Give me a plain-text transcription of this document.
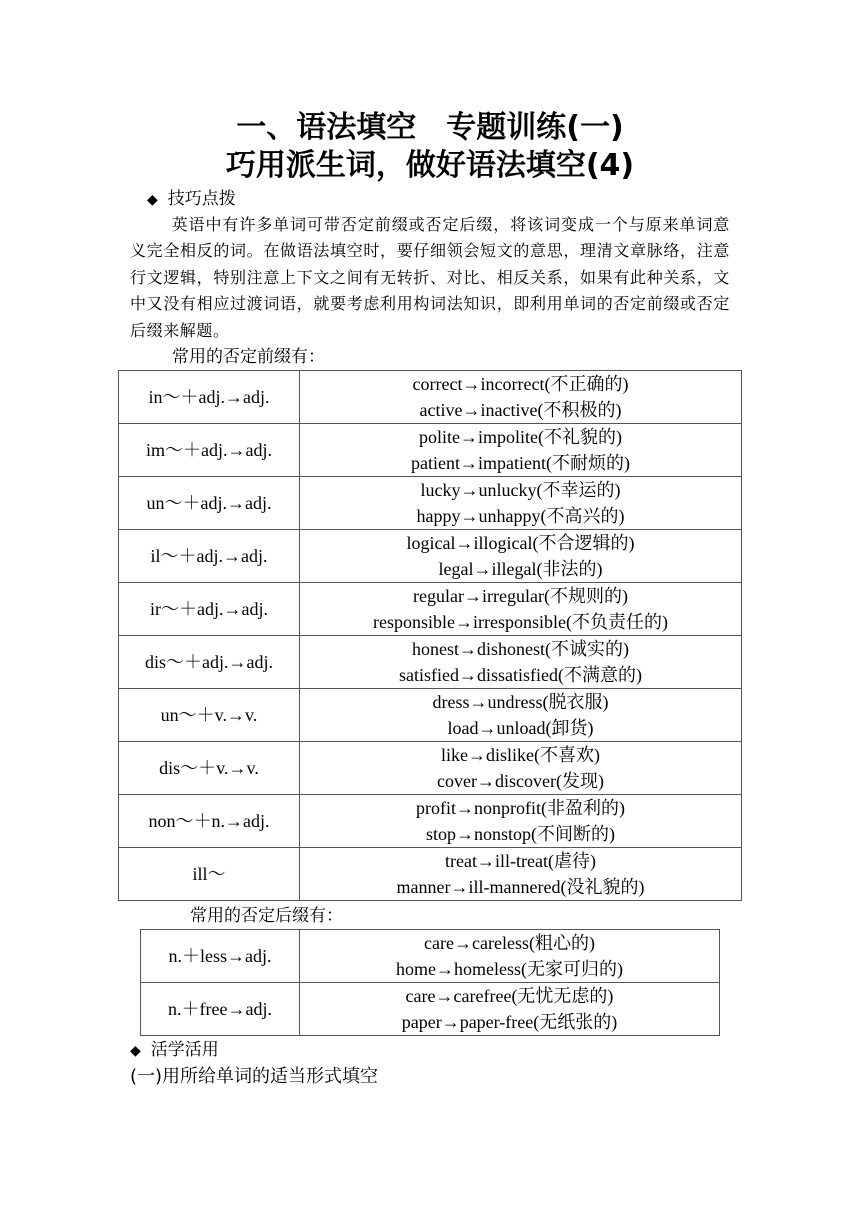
一、语法填空　专题训练(一)
巧用派生词，做好语法填空(4)
◆ 技巧点拨
英语中有许多单词可带否定前缀或否定后缀，将该词变成一个与原来单词意义完全相反的词。在做语法填空时，要仔细领会短文的意思，理清文章脉络，注意行文逻辑，特别注意上下文之间有无转折、对比、相反关系，如果有此种关系，文中又没有相应过渡词语，就要考虑利用构词法知识，即利用单词的否定前缀或否定后缀来解题。
常用的否定前缀有：
in～＋adj.→adj.	correct→incorrect(不正确的)
active→inactive(不积极的)

im～＋adj.→adj.	polite→impolite(不礼貌的)
patient→impatient(不耐烦的)

un～＋adj.→adj.	lucky→unlucky(不幸运的)
happy→unhappy(不高兴的)

il～＋adj.→adj.	logical→illogical(不合逻辑的)
legal→illegal(非法的)

ir～＋adj.→adj.	regular→irregular(不规则的)
responsible→irresponsible(不负责任的)

dis～＋adj.→adj.	honest→dishonest(不诚实的)
satisfied→dissatisfied(不满意的)

un～＋v.→v.	dress→undress(脱衣服)
load→unload(卸货)

dis～＋v.→v.	like→dislike(不喜欢)
cover→discover(发现)

non～＋n.→adj.	profit→nonprofit(非盈利的)
stop→nonstop(不间断的)

ill～	treat→ill-treat(虐待)
manner→ill-mannered(没礼貌的)
常用的否定后缀有：
n.＋less→adj.	care→careless(粗心的)
home→homeless(无家可归的)

n.＋free→adj.	care→carefree(无忧无虑的)
paper→paper-free(无纸张的)
◆ 活学活用
(一)用所给单词的适当形式填空
